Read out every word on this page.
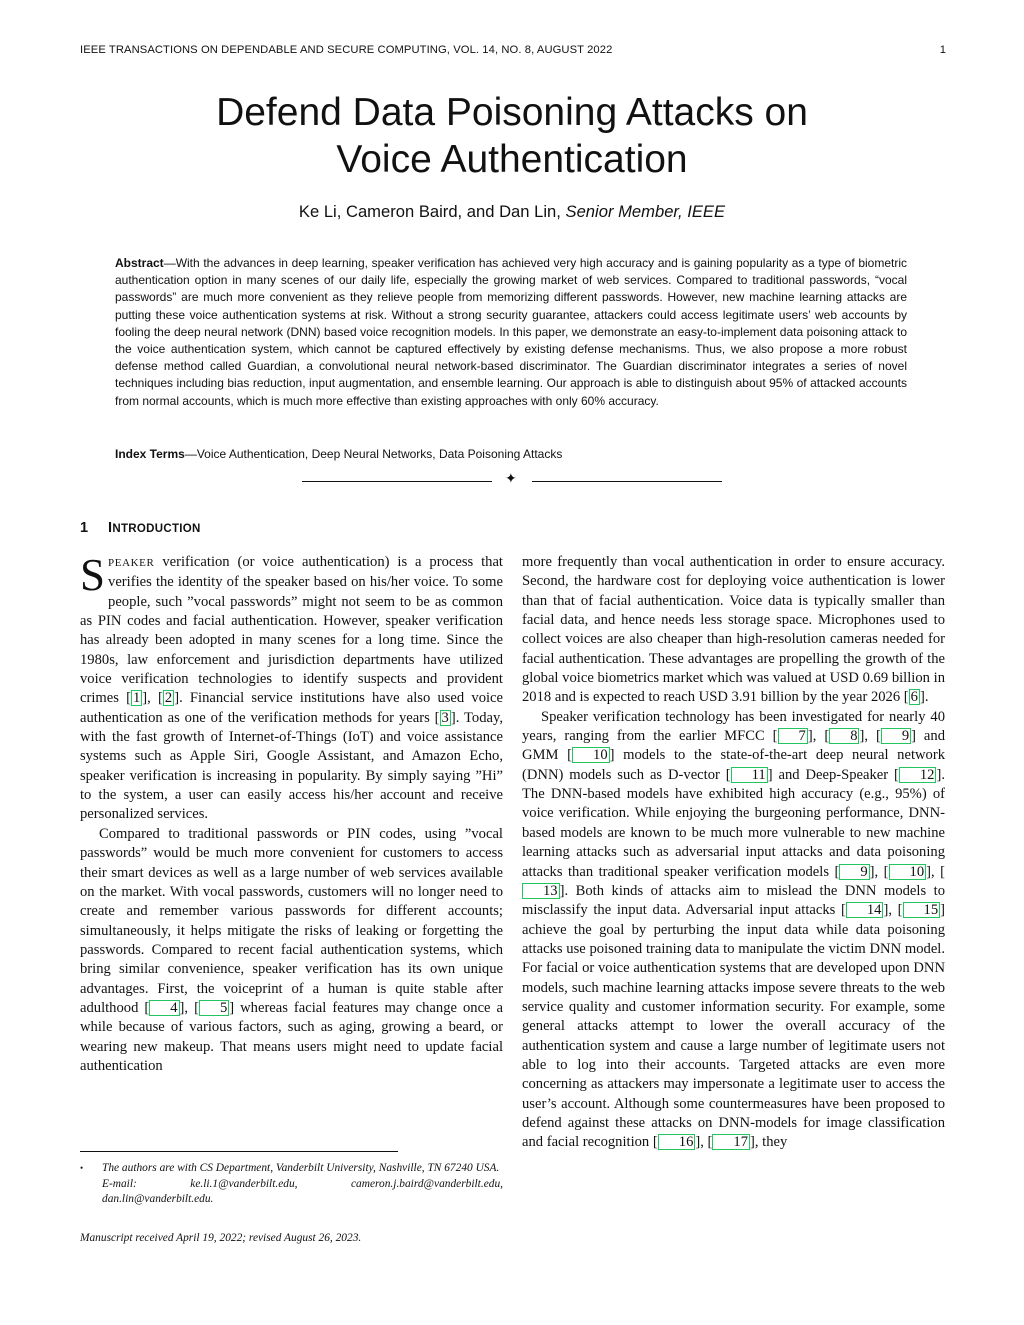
IEEE TRANSACTIONS ON DEPENDABLE AND SECURE COMPUTING, VOL. 14, NO. 8, AUGUST 2022	1
Defend Data Poisoning Attacks on
Voice Authentication
Ke Li, Cameron Baird, and Dan Lin, Senior Member, IEEE
Abstract—With the advances in deep learning, speaker verification has achieved very high accuracy and is gaining popularity as a type of biometric authentication option in many scenes of our daily life, especially the growing market of web services. Compared to traditional passwords, “vocal passwords” are much more convenient as they relieve people from memorizing different passwords. However, new machine learning attacks are putting these voice authentication systems at risk. Without a strong security guarantee, attackers could access legitimate users’ web accounts by fooling the deep neural network (DNN) based voice recognition models. In this paper, we demonstrate an easy-to-implement data poisoning attack to the voice authentication system, which cannot be captured effectively by existing defense mechanisms. Thus, we also propose a more robust defense method called Guardian, a convolutional neural network-based discriminator. The Guardian discriminator integrates a series of novel techniques including bias reduction, input augmentation, and ensemble learning. Our approach is able to distinguish about 95% of attacked accounts from normal accounts, which is much more effective than existing approaches with only 60% accuracy.
Index Terms—Voice Authentication, Deep Neural Networks, Data Poisoning Attacks
✦
1 INTRODUCTION

SPEAKER verification (or voice authentication) is a process that verifies the identity of the speaker based on his/her voice. To some people, such ”vocal passwords” might not seem to be as common as PIN codes and facial authentication. However, speaker verification has already been adopted in many scenes for a long time. Since the 1980s, law enforcement and jurisdiction departments have utilized voice verification technologies to identify suspects and provident crimes [ 1 ], [ 2 ]. Financial service institutions have also used voice authentication as one of the verification methods for years [ 3 ]. Today, with the fast growth of Internet-of-Things (IoT) and voice assistance systems such as Apple Siri, Google Assistant, and Amazon Echo, speaker verification is increasing in popularity. By simply saying ”Hi” to the system, a user can easily access his/her account and receive personalized services.

Compared to traditional passwords or PIN codes, using ”vocal passwords” would be much more convenient for customers to access their smart devices as well as a large number of web services available on the market. With vocal passwords, customers will no longer need to create and remember various passwords for different accounts; simultaneously, it helps mitigate the risks of leaking or forgetting the passwords. Compared to recent facial authentication systems, which bring similar convenience, speaker verification has its own unique advantages. First, the voiceprint of a human is quite stable after adulthood [ 4 ], [ 5 ] whereas facial features may change once a while because of various factors, such as aging, growing a beard, or wearing new makeup. That means users might need to update facial authentication

more frequently than vocal authentication in order to ensure accuracy. Second, the hardware cost for deploying voice authentication is lower than that of facial authentication. Voice data is typically smaller than facial data, and hence needs less storage space. Microphones used to collect voices are also cheaper than high-resolution cameras needed for facial authentication. These advantages are propelling the growth of the global voice biometrics market which was valued at USD 0.69 billion in 2018 and is expected to reach USD 3.91 billion by the year 2026 [ 6 ].

Speaker verification technology has been investigated for nearly 40 years, ranging from the earlier MFCC [ 7 ], [ 8 ], [ 9 ] and GMM [ 10 ] models to the state-of-the-art deep neural network (DNN) models such as D-vector [ 11 ] and Deep-Speaker [ 12 ]. The DNN-based models have exhibited high accuracy (e.g., 95%) of voice verification. While enjoying the burgeoning performance, DNN-based models are known to be much more vulnerable to new machine learning attacks such as adversarial input attacks and data poisoning attacks than traditional speaker verification models [ 9 ], [ 10 ], [13 ]. Both kinds of attacks aim to mislead the DNN models to misclassify the input data. Adversarial input attacks [ 14 ], [ 15 ] achieve the goal by perturbing the input data while data poisoning attacks use poisoned training data to manipulate the victim DNN model. For facial or voice authentication systems that are developed upon DNN models, such machine learning attacks impose severe threats to the web service quality and customer information security. For example, some general attacks attempt to lower the overall accuracy of the authentication system and cause a large number of legitimate users not able to log into their accounts. Targeted attacks are even more concerning as attackers may impersonate a legitimate user to access the user’s account. Although some countermeasures have been proposed to defend against these attacks on DNN-models for image classification and facial recognition [ 16 ], [ 17 ], they

• The authors are with CS Department, Vanderbilt University, Nashville, TN 67240 USA.
E-mail: ke.li.1@vanderbilt.edu, cameron.j.baird@vanderbilt.edu, dan.lin@vanderbilt.edu.
Manuscript received April 19, 2022; revised August 26, 2023.
